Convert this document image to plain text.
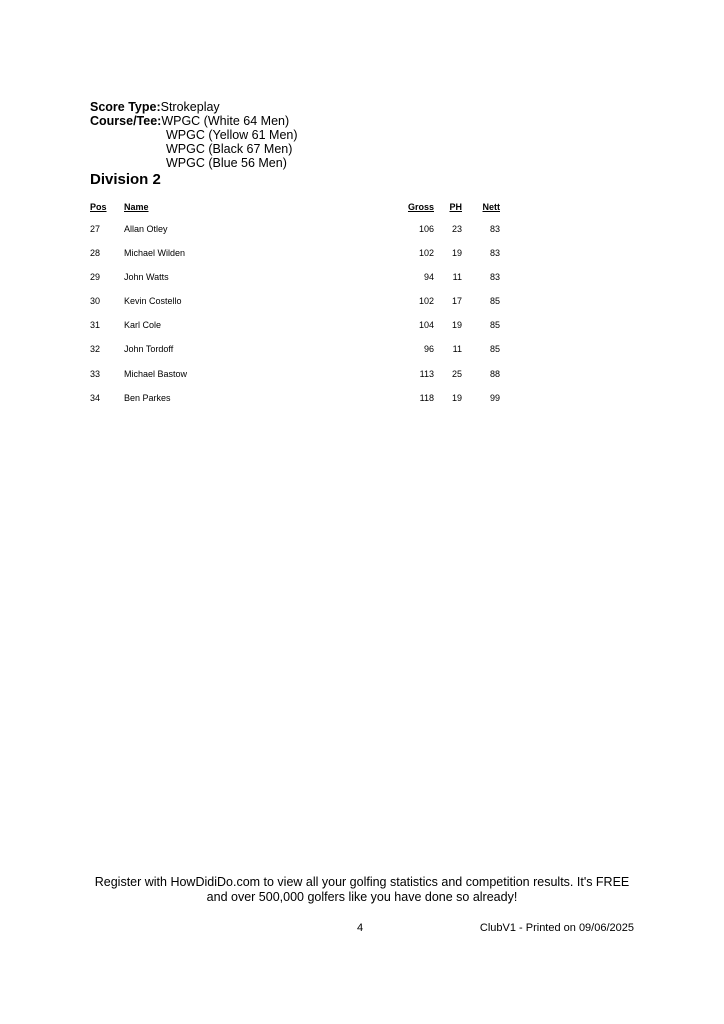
Score Type:Strokeplay
Course/Tee:WPGC (White 64 Men)
WPGC (Yellow 61 Men)
WPGC (Black 67 Men)
WPGC (Blue 56 Men)
Division 2
Pos Name	Gross PH Nett
27	Allan Otley	106 23	83
28	Michael Wilden	102 19	83
29	John Watts	94 11	83
30	Kevin Costello	102 17	85
31	Karl Cole	104 19	85
32	John Tordoff	96 11	85
33	Michael Bastow	113 25	88
34	Ben Parkes	118 19	99
Register with HowDidiDo.com to view all your golfing statistics and competition results. It's FREE
and over 500,000 golfers like you have done so already!
4	ClubV1 - Printed on 09/06/2025
